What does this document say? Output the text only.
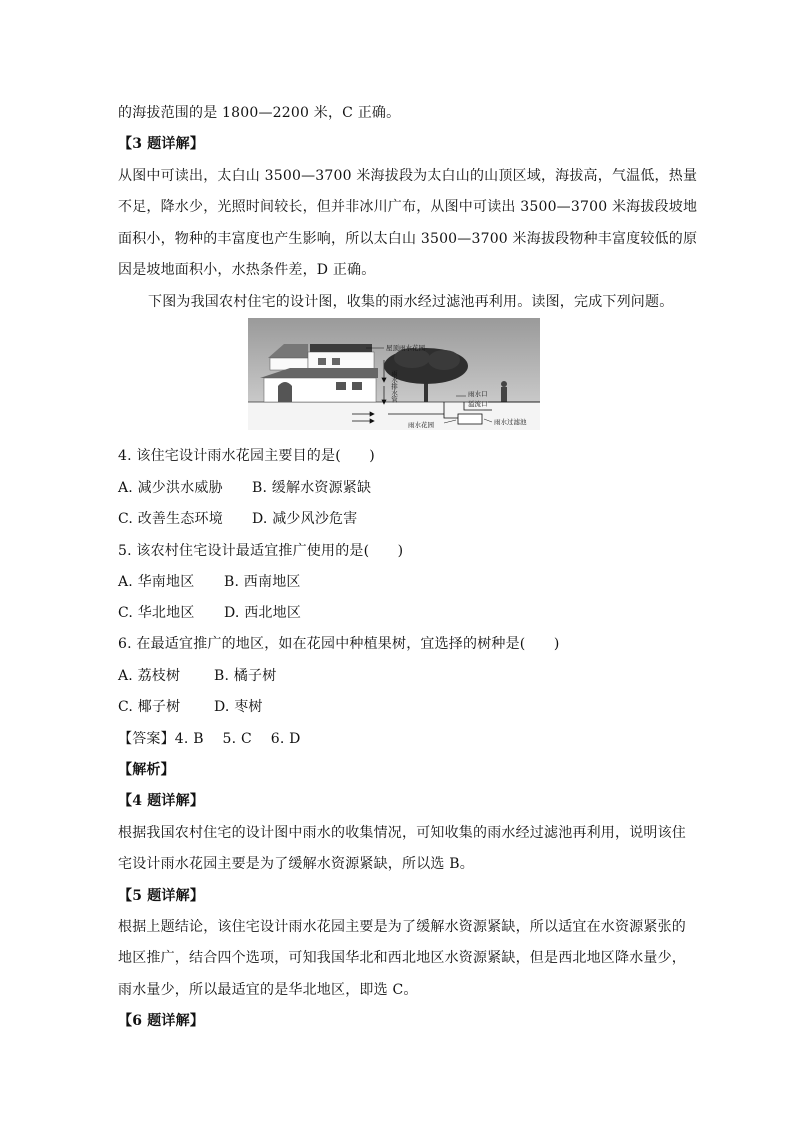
的海拔范围的是 1800—2200 米，C 正确。
【3 题详解】
从图中可读出，太白山 3500—3700 米海拔段为太白山的山顶区域，海拔高，气温低，热量
不足，降水少，光照时间较长，但并非冰川广布，从图中可读出 3500—3700 米海拔段坡地
面积小，物种的丰富度也产生影响，所以太白山 3500—3700 米海拔段物种丰富度较低的原
因是坡地面积小，水热条件差，D 正确。
下图为我国农村住宅的设计图，收集的雨水经过滤池再利用。读图，完成下列问题。
屋顶雨水花园
雨水排水管	雨水口
溢流口
雨水花园	雨水过滤池
4. 该住宅设计雨水花园主要目的是(　　)
A. 减少洪水威胁 B. 缓解水资源紧缺
C. 改善生态环境 D. 减少风沙危害
5. 该农村住宅设计最适宜推广使用的是(　　)
A. 华南地区 B. 西南地区
C. 华北地区 D. 西北地区
6. 在最适宜推广的地区，如在花园中种植果树，宜选择的树种是(　　)
A. 荔枝树 B. 橘子树
C. 椰子树 D. 枣树
【答案】4. B　 5. C　 6. D
【解析】
【4 题详解】
根据我国农村住宅的设计图中雨水的收集情况，可知收集的雨水经过滤池再利用，说明该住
宅设计雨水花园主要是为了缓解水资源紧缺，所以选 B。
【5 题详解】
根据上题结论，该住宅设计雨水花园主要是为了缓解水资源紧缺，所以适宜在水资源紧张的
地区推广，结合四个选项，可知我国华北和西北地区水资源紧缺，但是西北地区降水量少，
雨水量少，所以最适宜的是华北地区，即选 C。
【6 题详解】
